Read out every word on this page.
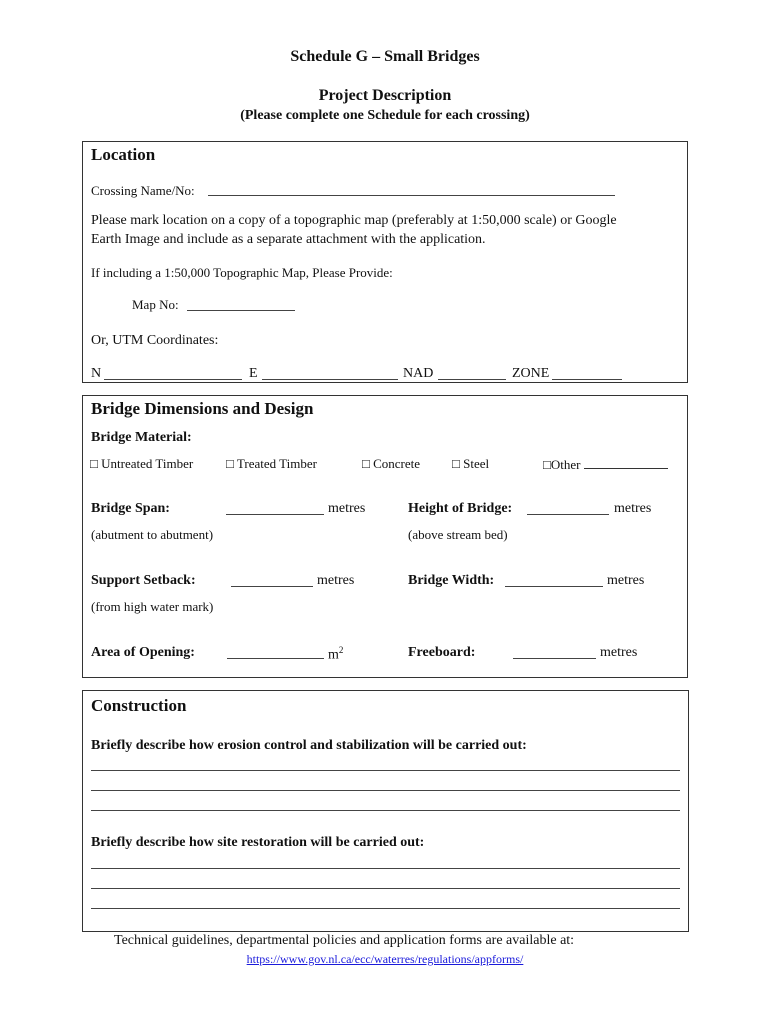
Schedule G – Small Bridges
Project Description
(Please complete one Schedule for each crossing)
Location
Crossing Name/No:
Please mark location on a copy of a topographic map (preferably at 1:50,000 scale) or Google
Earth Image and include as a separate attachment with the application.
If including a 1:50,000 Topographic Map, Please Provide:
Map No:
Or, UTM Coordinates:
N	E	NAD	ZONE
Bridge Dimensions and Design
Bridge Material:
□ Untreated Timber	□ Treated Timber	□ Concrete □ Steel	□Other
Bridge Span:	metres	Height of Bridge:	metres
(abutment to abutment)	(above stream bed)
Support Setback:	metres	Bridge Width:	metres
(from high water mark)
Area of Opening:	$m^2$	Freeboard:	metres
Construction
Briefly describe how erosion control and stabilization will be carried out:
Briefly describe how site restoration will be carried out:
Technical guidelines, departmental policies and application forms are available at:
https://www.gov.nl.ca/ecc/waterres/regulations/appforms/
